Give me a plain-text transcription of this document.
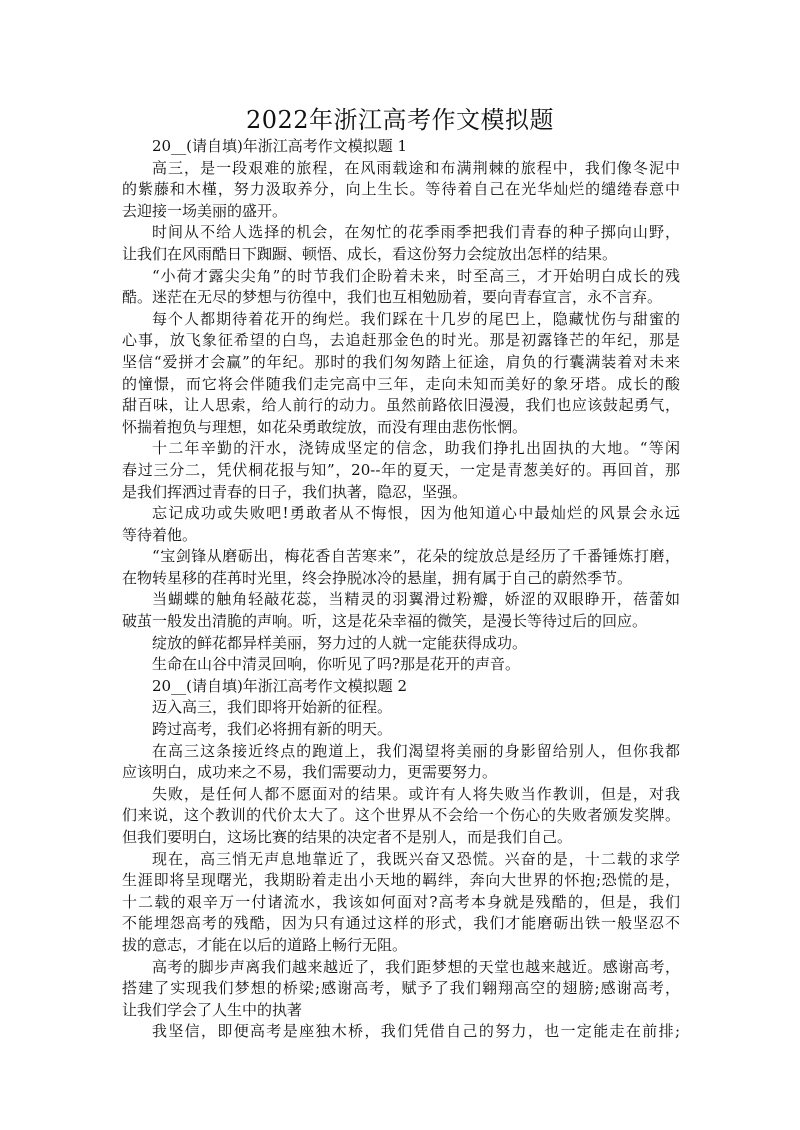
2022年浙江高考作文模拟题
20__(请自填)年浙江高考作文模拟题 1
高三，是一段艰难的旅程，在风雨载途和布满荆棘的旅程中，我们像冬泥中
的紫藤和木槿，努力汲取养分，向上生长。等待着自己在光华灿烂的缱绻春意中
去迎接一场美丽的盛开。
时间从不给人选择的机会，在匆忙的花季雨季把我们青春的种子掷向山野，
让我们在风雨酷日下踟蹰、顿悟、成长，看这份努力会绽放出怎样的结果。
“小荷才露尖尖角”的时节我们企盼着未来，时至高三，才开始明白成长的残
酷。迷茫在无尽的梦想与彷徨中，我们也互相勉励着，要向青春宣言，永不言弃。
每个人都期待着花开的绚烂。我们踩在十几岁的尾巴上，隐藏忧伤与甜蜜的
心事，放飞象征希望的白鸟，去追赶那金色的时光。那是初露锋芒的年纪，那是
坚信“爱拼才会赢”的年纪。那时的我们匆匆踏上征途，肩负的行囊满装着对未来
的憧憬，而它将会伴随我们走完高中三年，走向未知而美好的象牙塔。成长的酸
甜百味，让人思索，给人前行的动力。虽然前路依旧漫漫，我们也应该鼓起勇气，
怀揣着抱负与理想，如花朵勇敢绽放，而没有理由悲伤怅惘。
十二年辛勤的汗水，浇铸成坚定的信念，助我们挣扎出固执的大地。“等闲
春过三分二，凭伏桐花报与知”，20--年的夏天，一定是青葱美好的。再回首，那
是我们挥洒过青春的日子，我们执著，隐忍，坚强。
忘记成功或失败吧!勇敢者从不悔恨，因为他知道心中最灿烂的风景会永远
等待着他。
“宝剑锋从磨砺出，梅花香自苦寒来”，花朵的绽放总是经历了千番锤炼打磨，
在物转星移的荏苒时光里，终会挣脱冰冷的悬崖，拥有属于自己的蔚然季节。
当蝴蝶的触角轻敲花蕊，当精灵的羽翼滑过粉瓣，娇涩的双眼睁开，蓓蕾如
破茧一般发出清脆的声响。听，这是花朵幸福的微笑，是漫长等待过后的回应。
绽放的鲜花都异样美丽，努力过的人就一定能获得成功。
生命在山谷中清灵回响，你听见了吗?那是花开的声音。
20__(请自填)年浙江高考作文模拟题 2
迈入高三，我们即将开始新的征程。
跨过高考，我们必将拥有新的明天。
在高三这条接近终点的跑道上，我们渴望将美丽的身影留给别人，但你我都
应该明白，成功来之不易，我们需要动力，更需要努力。
失败，是任何人都不愿面对的结果。或许有人将失败当作教训，但是，对我
们来说，这个教训的代价太大了。这个世界从不会给一个伤心的失败者颁发奖牌。
但我们要明白，这场比赛的结果的决定者不是别人，而是我们自己。
现在，高三悄无声息地靠近了，我既兴奋又恐慌。兴奋的是，十二载的求学
生涯即将呈现曙光，我期盼着走出小天地的羁绊，奔向大世界的怀抱;恐慌的是，
十二载的艰辛万一付诸流水，我该如何面对?高考本身就是残酷的，但是，我们
不能埋怨高考的残酷，因为只有通过这样的形式，我们才能磨砺出铁一般坚忍不
拔的意志，才能在以后的道路上畅行无阻。
高考的脚步声离我们越来越近了，我们距梦想的天堂也越来越近。感谢高考，
搭建了实现我们梦想的桥梁;感谢高考，赋予了我们翱翔高空的翅膀;感谢高考，
让我们学会了人生中的执著
我坚信，即便高考是座独木桥，我们凭借自己的努力，也一定能走在前排;
